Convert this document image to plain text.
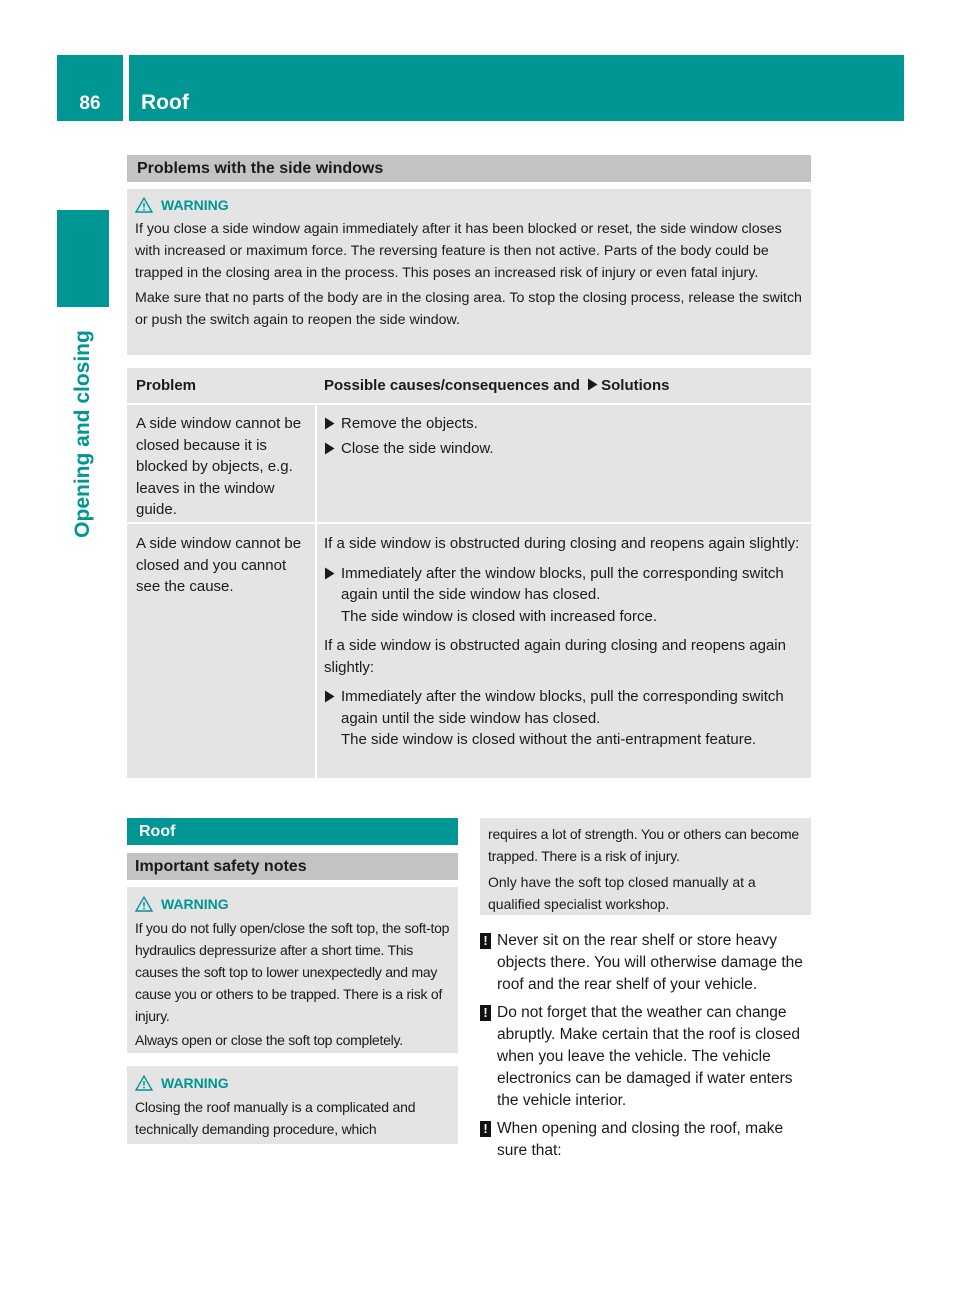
86	Roof
Opening and closing
Problems with the side windows
WARNING

If you close a side window again immediately after it has been blocked or reset, the side window closes with increased or maximum force. The reversing feature is then not active. Parts of the body could be trapped in the closing area in the process. This poses an increased risk of injury or even fatal injury.

Make sure that no parts of the body are in the closing area. To stop the closing process, release the switch or push the switch again to reopen the side window.

Problem	Possible causes/consequences and Solutions

A side window cannot be closed because it is blocked by objects, e.g. leaves in the window guide.

Remove the objects.

Close the side window.

A side window cannot be closed and you cannot see the cause.

If a side window is obstructed during closing and reopens again slightly:

Immediately after the window blocks, pull the corresponding switch again until the side window has closed.
The side window is closed with increased force.

If a side window is obstructed again during closing and reopens again slightly:

Immediately after the window blocks, pull the corresponding switch again until the side window has closed.
The side window is closed without the anti-entrapment feature.

Roof
Important safety notes
WARNING

If you do not fully open/close the soft top, the soft-top hydraulics depressurize after a short time. This causes the soft top to lower unexpectedly and may cause you or others to be trapped. There is a risk of injury.

Always open or close the soft top completely.

WARNING

Closing the roof manually is a complicated and technically demanding procedure, which

requires a lot of strength. You or others can become trapped. There is a risk of injury.

Only have the soft top closed manually at a qualified specialist workshop.

! Never sit on the rear shelf or store heavy objects there. You will otherwise damage the roof and the rear shelf of your vehicle.

! Do not forget that the weather can change abruptly. Make certain that the roof is closed when you leave the vehicle. The vehicle electronics can be damaged if water enters the vehicle interior.

! When opening and closing the roof, make sure that:
